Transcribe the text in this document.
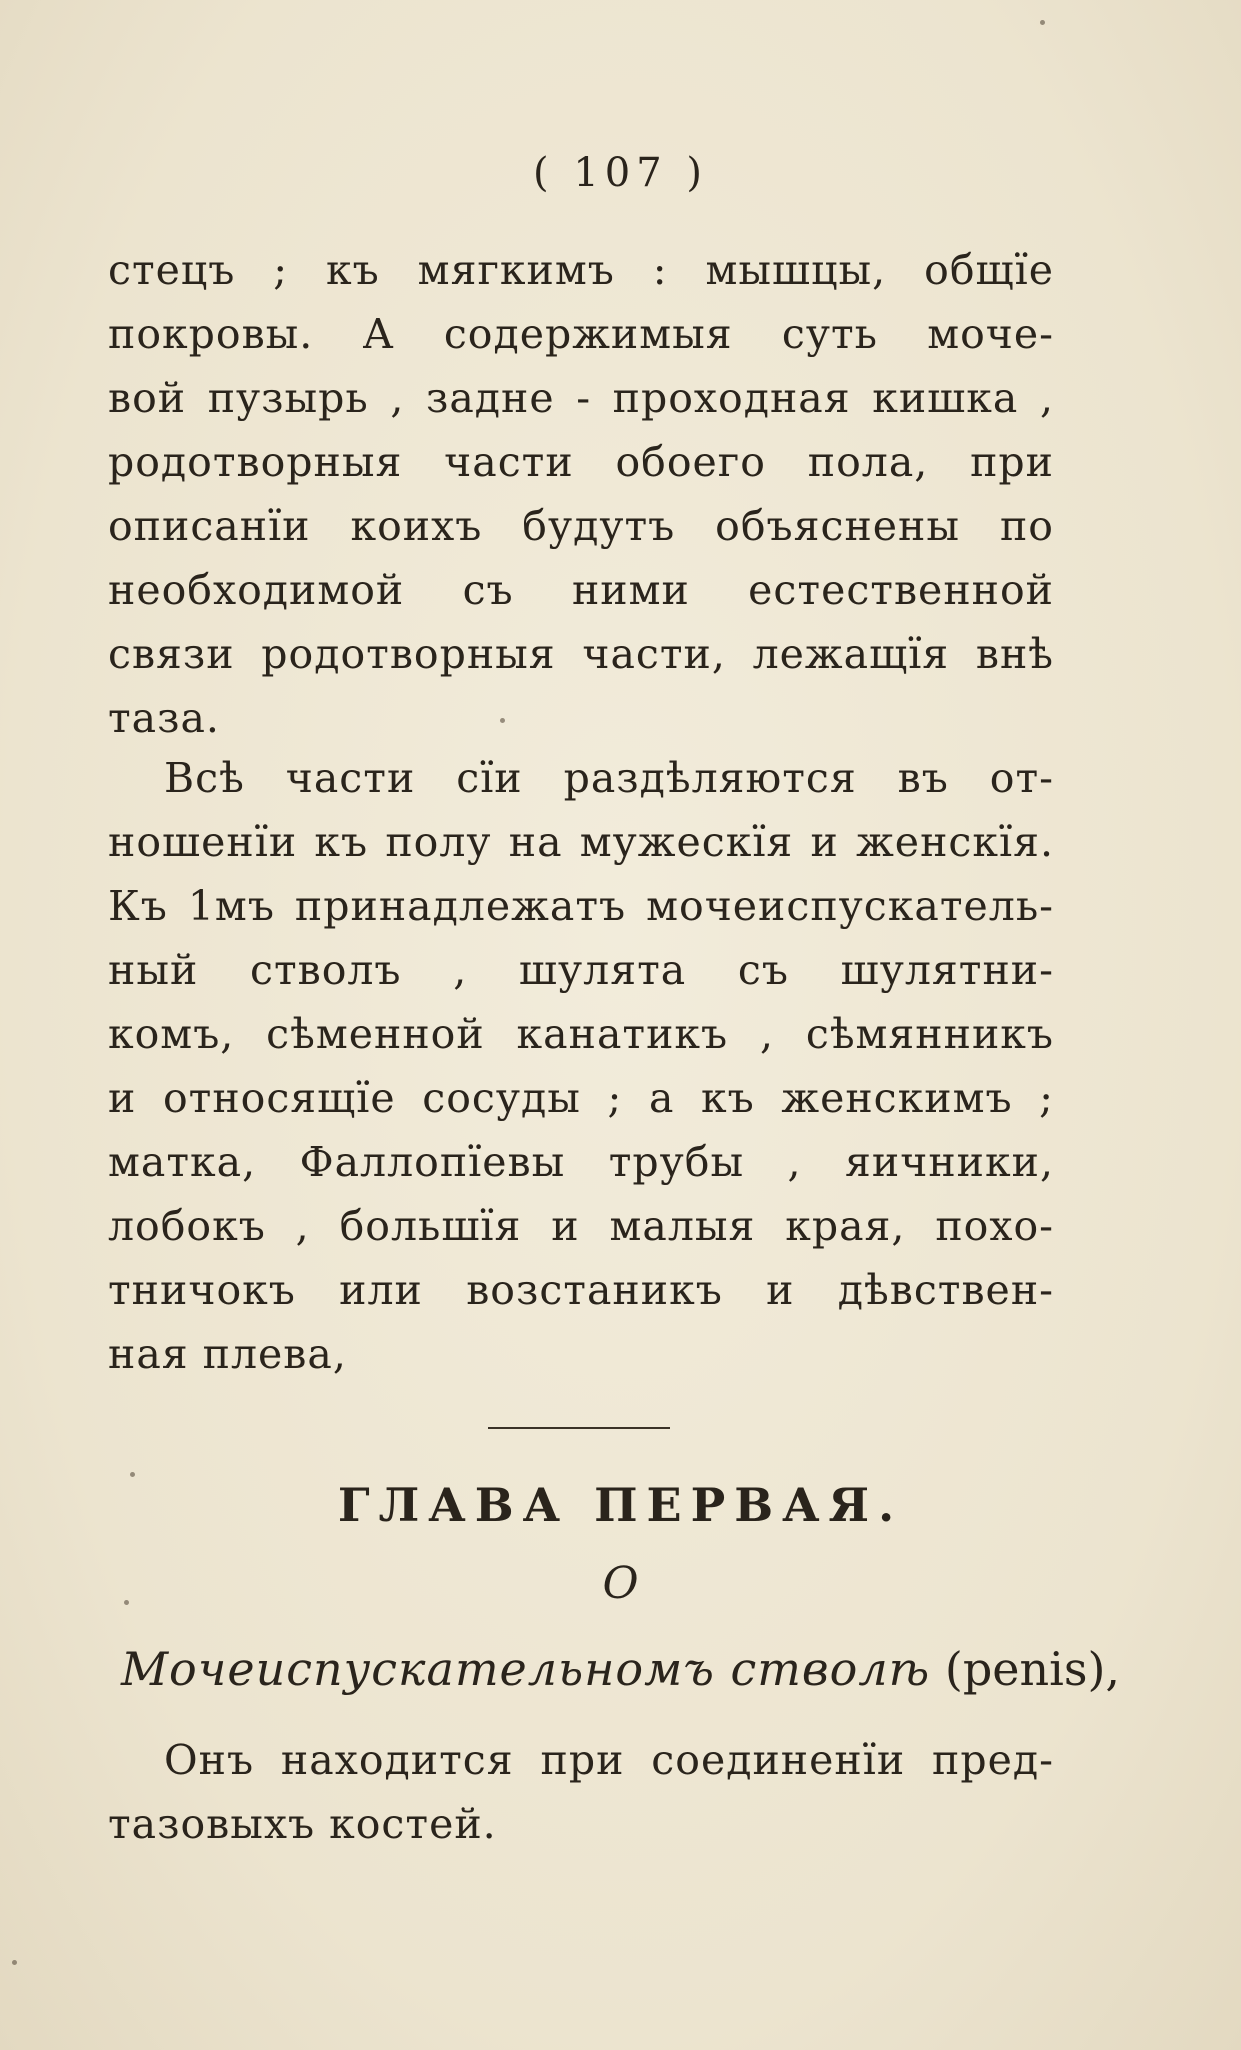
( 107 )
стецъ ; къ мягкимъ : мышцы, общїе
покровы. А содержимыя суть моче-
вой пузырь , задне - проходная кишка ,
родотворныя части обоего пола, при
описанїи коихъ будутъ объяснены по
необходимой съ ними естественной
связи родотворныя части, лежащїя внѣ
таза.
Всѣ части сїи раздѣляются въ от-
ношенїи къ полу на мужескїя и женскїя.
Къ 1мъ принадлежатъ мочеиспускатель-
ный стволъ , шулята съ шулятни-
комъ, сѣменной канатикъ , сѣмянникъ
и относящїе сосуды ; а къ женскимъ ;
матка, Фаллопїевы трубы , яичники,
лобокъ , большїя и малыя края, похо-
тничокъ или возстаникъ и дѣвствен-
ная плева,
ГЛАВА ПЕРВАЯ.
О
Мочеиспускательномъ стволѣ (penis),
Онъ находится при соединенїи пред-
тазовыхъ костей.
